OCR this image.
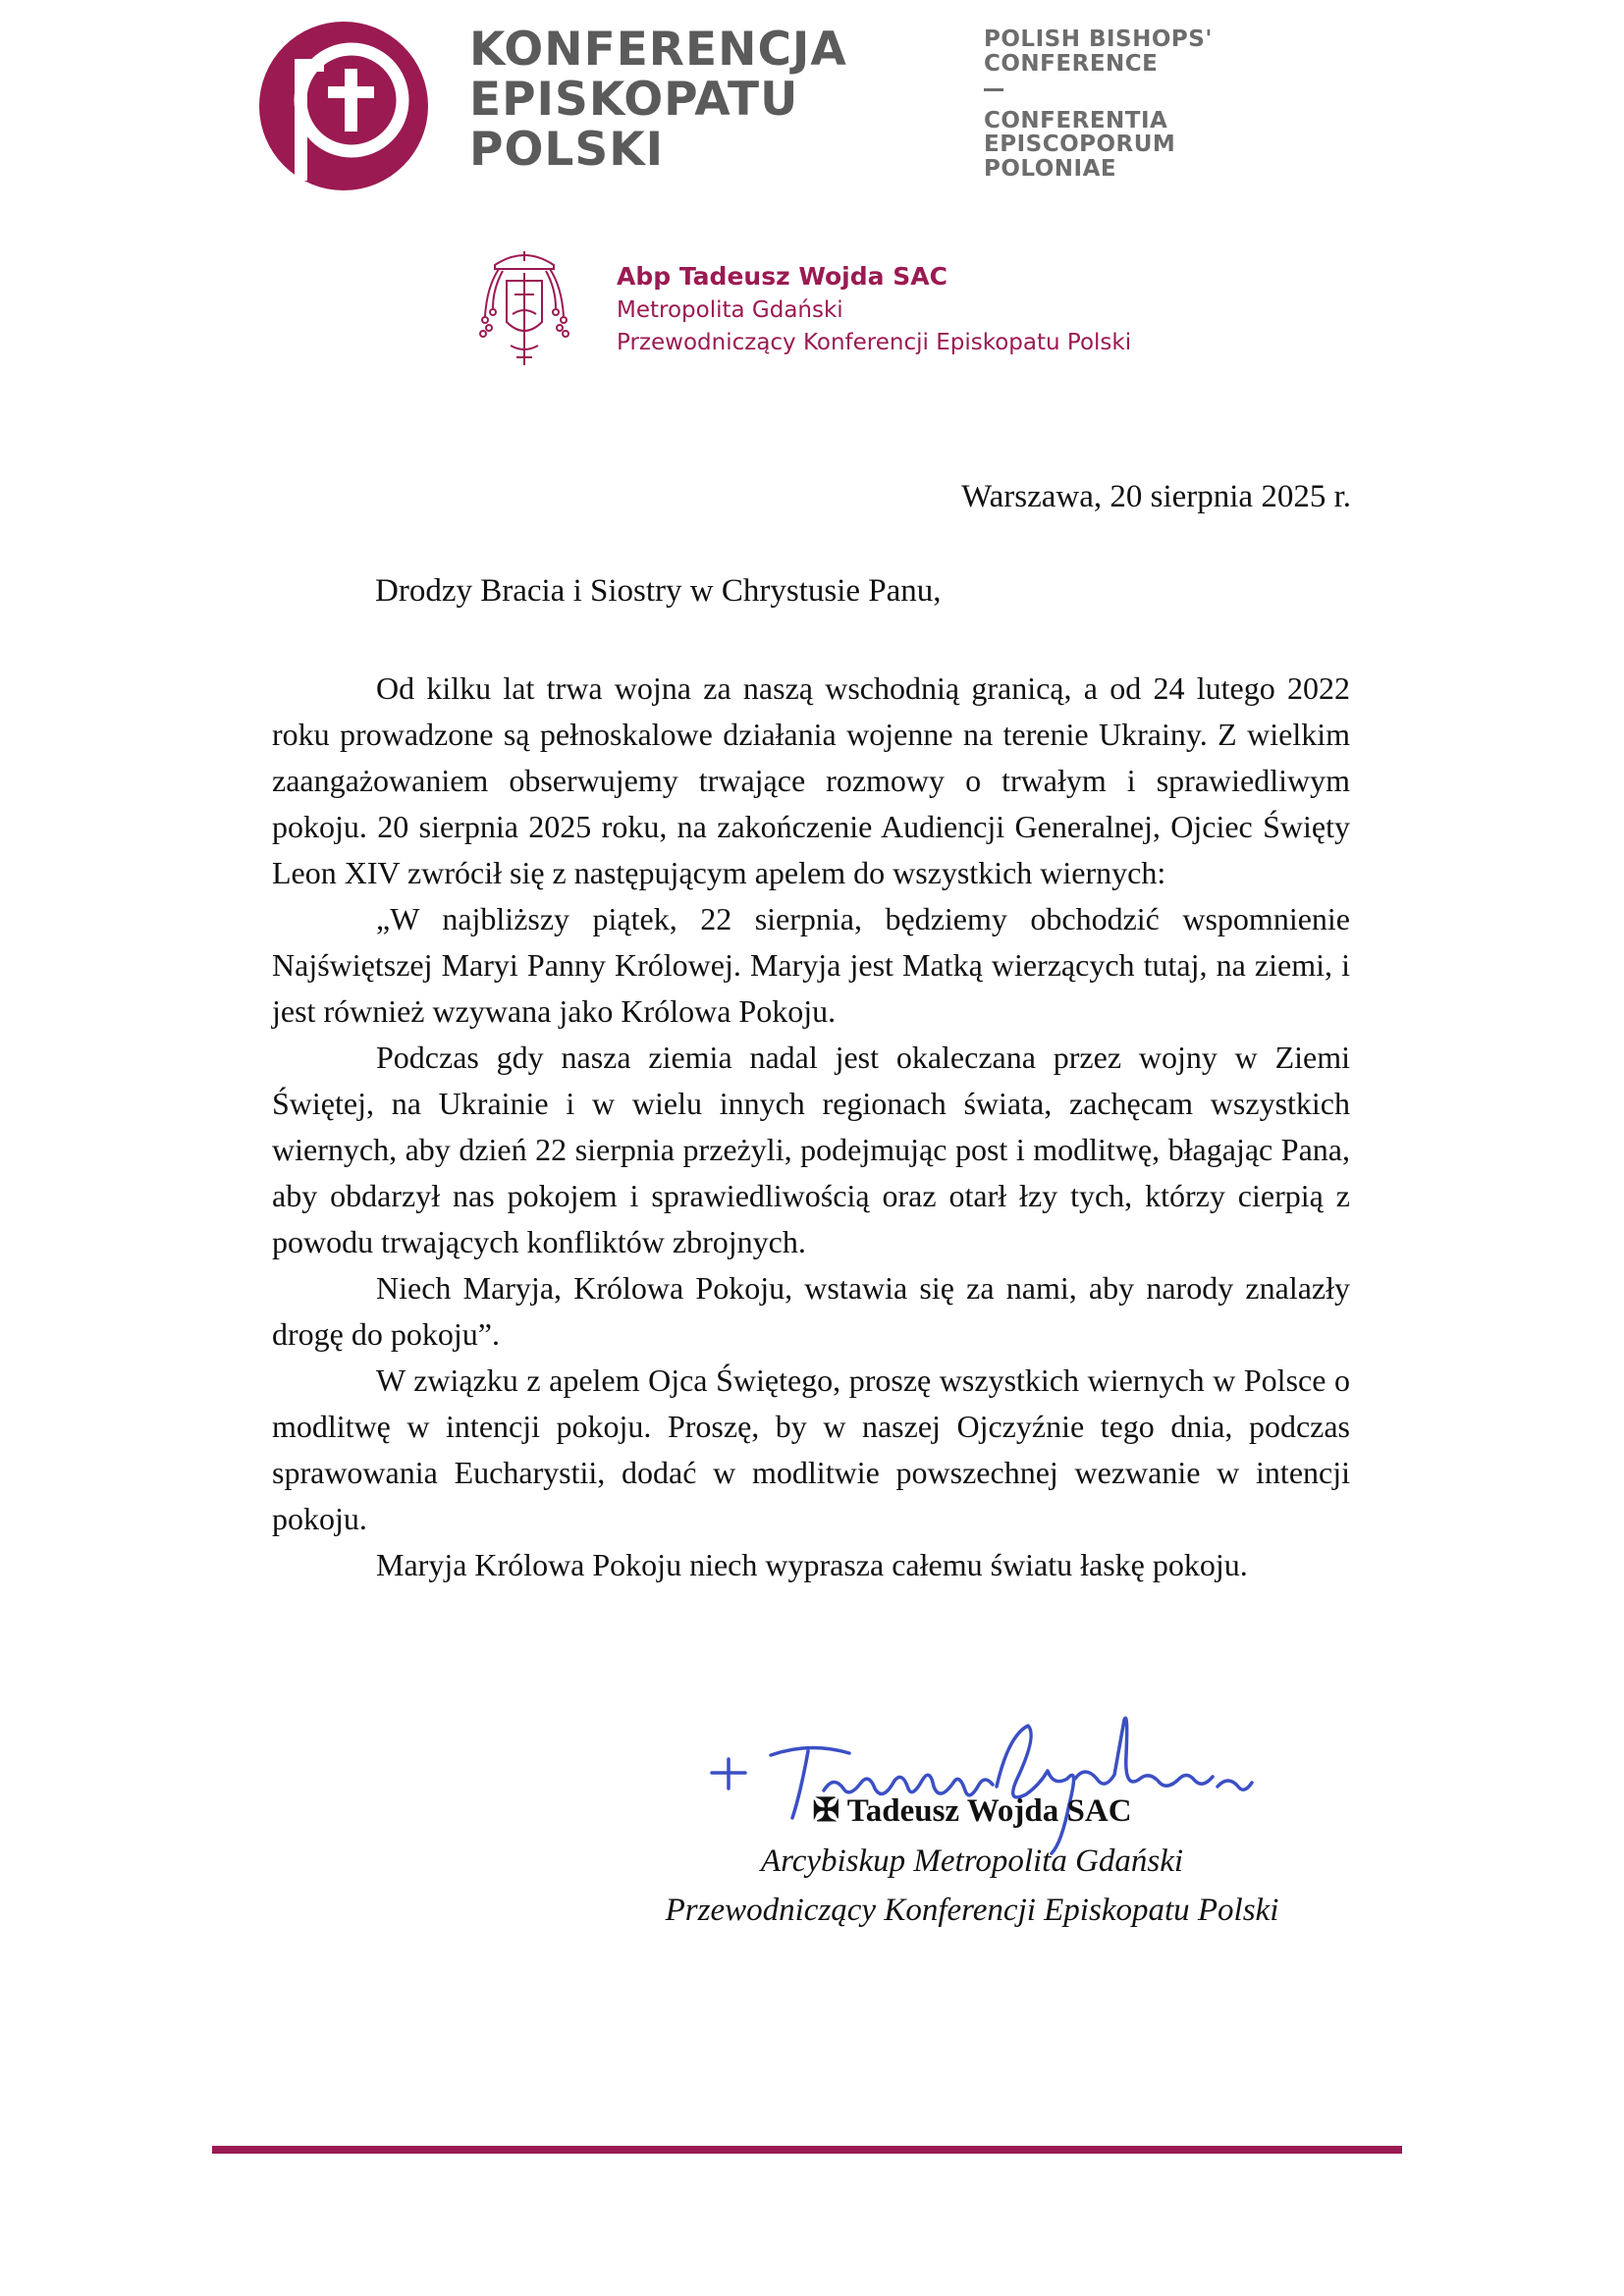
KONFERENCJA
EPISKOPATU
POLSKI
POLISH BISHOPS'
CONFERENCE
CONFERENTIA
EPISCOPORUM
POLONIAE
Abp Tadeusz Wojda SAC
Metropolita Gdański
Przewodniczący Konferencji Episkopatu Polski
Warszawa, 20 sierpnia 2025 r.
Drodzy Bracia i Siostry w Chrystusie Panu,

Od kilku lat trwa wojna za naszą wschodnią granicą, a od 24 lutego 2022 roku prowadzone są pełnoskalowe działania wojenne na terenie Ukrainy. Z wielkim zaangażowaniem obserwujemy trwające rozmowy o trwałym i sprawiedliwym pokoju. 20 sierpnia 2025 roku, na zakończenie Audiencji Generalnej, Ojciec Święty Leon XIV zwrócił się z następującym apelem do wszystkich wiernych:

„W najbliższy piątek, 22 sierpnia, będziemy obchodzić wspomnienie Najświętszej Maryi Panny Królowej. Maryja jest Matką wierzących tutaj, na ziemi, i jest również wzywana jako Królowa Pokoju.

Podczas gdy nasza ziemia nadal jest okaleczana przez wojny w Ziemi Świętej, na Ukrainie i w wielu innych regionach świata, zachęcam wszystkich wiernych, aby dzień 22 sierpnia przeżyli, podejmując post i modlitwę, błagając Pana, aby obdarzył nas pokojem i sprawiedliwością oraz otarł łzy tych, którzy cierpią z powodu trwających konfliktów zbrojnych.

Niech Maryja, Królowa Pokoju, wstawia się za nami, aby narody znalazły drogę do pokoju”.

W związku z apelem Ojca Świętego, proszę wszystkich wiernych w Polsce o modlitwę w intencji pokoju. Proszę, by w naszej Ojczyźnie tego dnia, podczas sprawowania Eucharystii, dodać w modlitwie powszechnej wezwanie w intencji pokoju.

Maryja Królowa Pokoju niech wyprasza całemu światu łaskę pokoju.

✠ Tadeusz Wojda SAC
Arcybiskup Metropolita Gdański
Przewodniczący Konferencji Episkopatu Polski
